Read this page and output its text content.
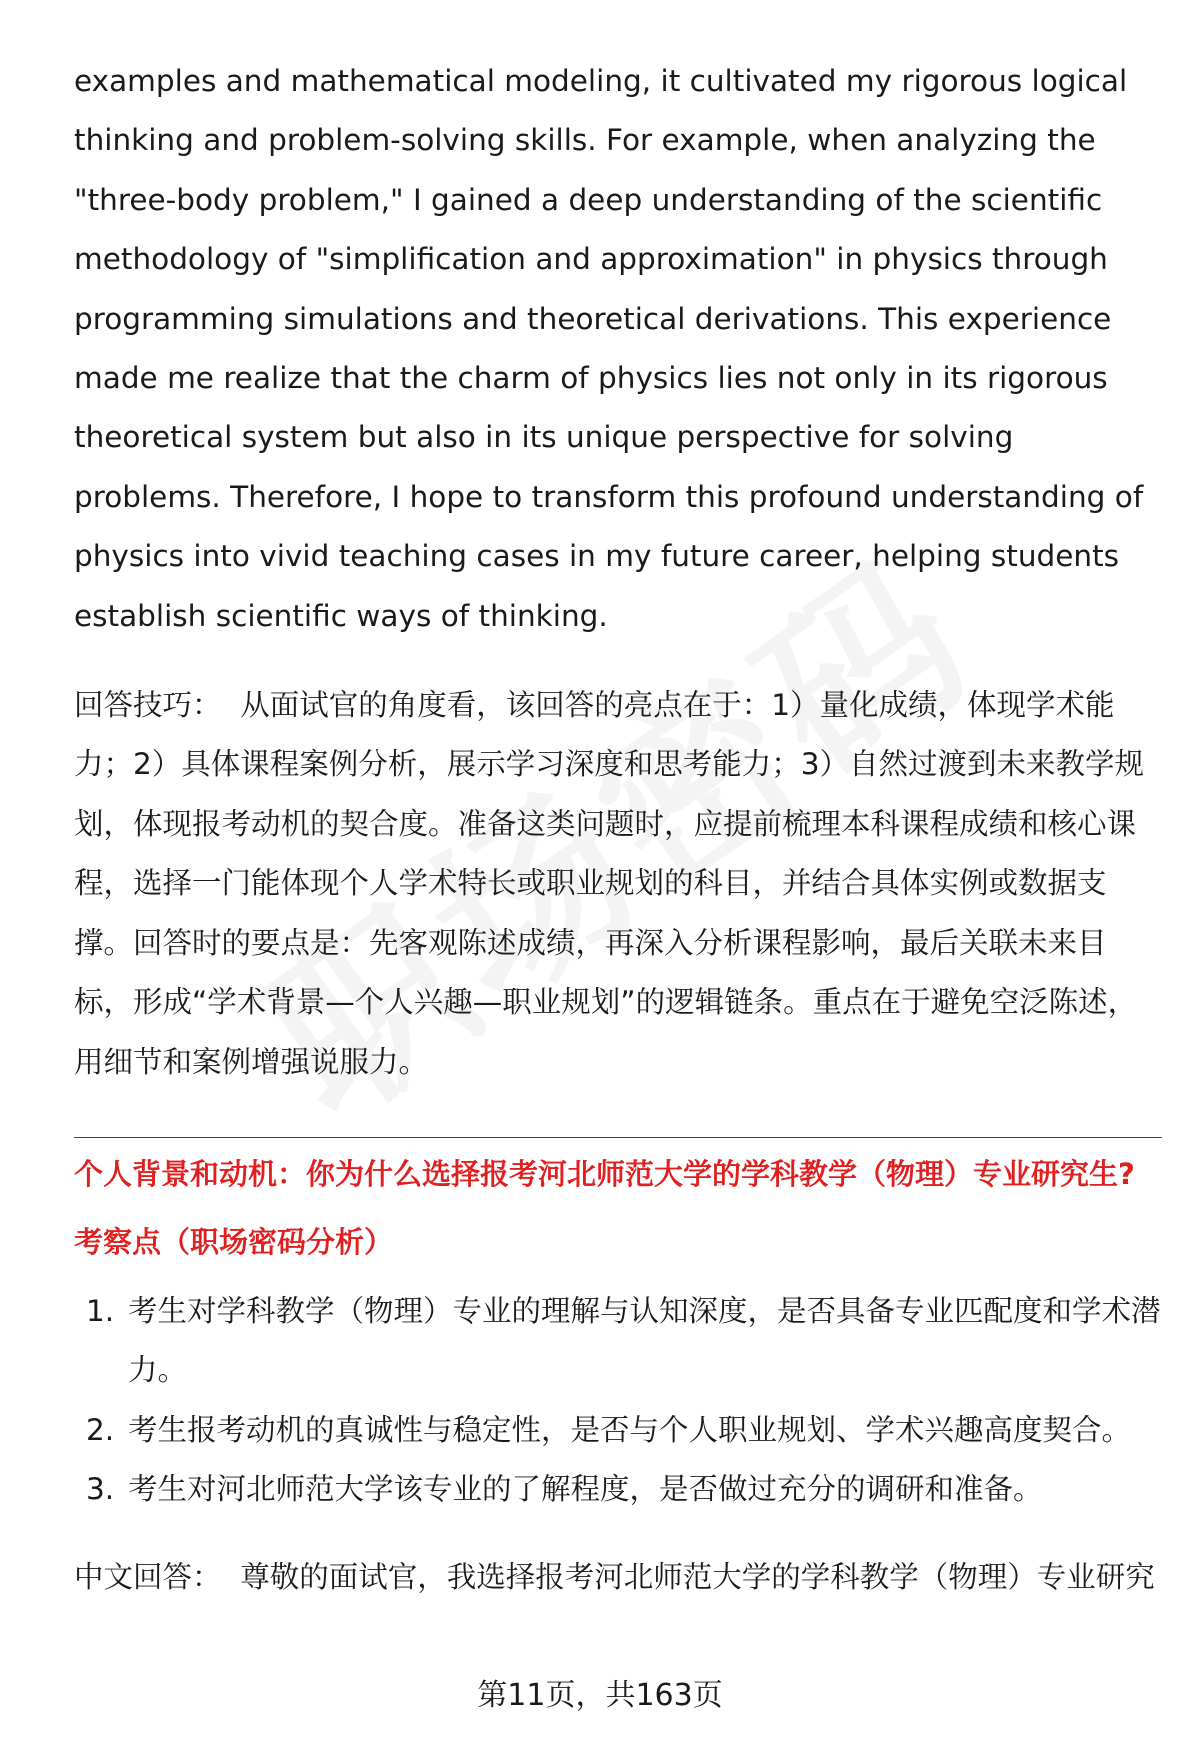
examples and mathematical modeling, it cultivated my rigorous logical thinking and problem-solving skills. For example, when analyzing the "three-body problem," I gained a deep understanding of the scientific methodology of "simplification and approximation" in physics through programming simulations and theoretical derivations. This experience made me realize that the charm of physics lies not only in its rigorous theoretical system but also in its unique perspective for solving problems. Therefore, I hope to transform this profound understanding of physics into vivid teaching cases in my future career, helping students establish scientific ways of thinking.

回答技巧： 从面试官的角度看，该回答的亮点在于：1）量化成绩，体现学术能力；2）具体课程案例分析，展示学习深度和思考能力；3）自然过渡到未来教学规划，体现报考动机的契合度。准备这类问题时，应提前梳理本科课程成绩和核心课程，选择一门能体现个人学术特长或职业规划的科目，并结合具体实例或数据支撑。回答时的要点是：先客观陈述成绩，再深入分析课程影响，最后关联未来目标，形成“学术背景—个人兴趣—职业规划”的逻辑链条。重点在于避免空泛陈述，用细节和案例增强说服力。

个人背景和动机：你为什么选择报考河北师范大学的学科教学（物理）专业研究生?

考察点（职场密码分析）

1. 考生对学科教学（物理）专业的理解与认知深度，是否具备专业匹配度和学术潜力。
2. 考生报考动机的真诚性与稳定性，是否与个人职业规划、学术兴趣高度契合。
3. 考生对河北师范大学该专业的了解程度，是否做过充分的调研和准备。

中文回答： 尊敬的面试官，我选择报考河北师范大学的学科教学（物理）专业研究

第11页，共163页
